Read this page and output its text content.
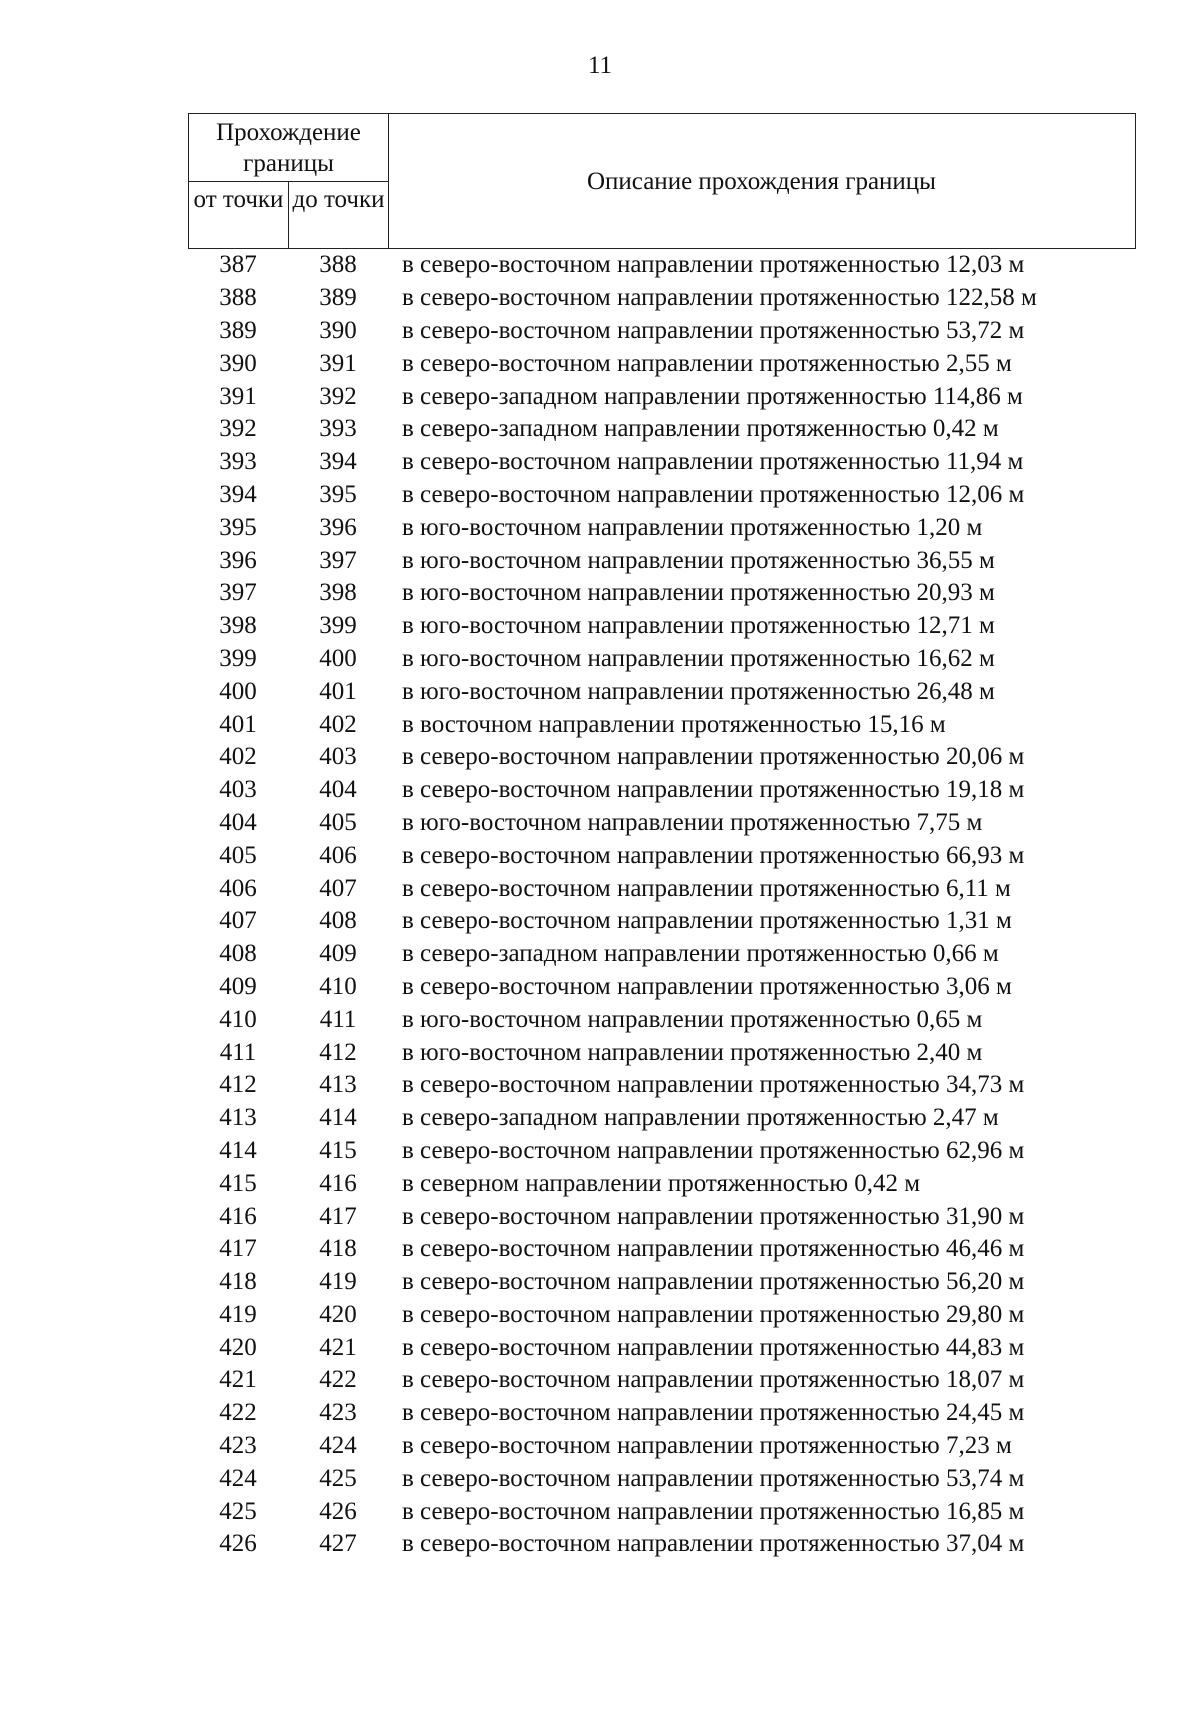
11
Прохождение границы
от точки до точки
Описание прохождения границы
387	388	в северо-восточном направлении протяженностью 12,03 м
388	389	в северо-восточном направлении протяженностью 122,58 м
389	390	в северо-восточном направлении протяженностью 53,72 м
390	391	в северо-восточном направлении протяженностью 2,55 м
391	392	в северо-западном направлении протяженностью 114,86 м
392	393	в северо-западном направлении протяженностью 0,42 м
393	394	в северо-восточном направлении протяженностью 11,94 м
394	395	в северо-восточном направлении протяженностью 12,06 м
395	396	в юго-восточном направлении протяженностью 1,20 м
396	397	в юго-восточном направлении протяженностью 36,55 м
397	398	в юго-восточном направлении протяженностью 20,93 м
398	399	в юго-восточном направлении протяженностью 12,71 м
399	400	в юго-восточном направлении протяженностью 16,62 м
400	401	в юго-восточном направлении протяженностью 26,48 м
401	402	в восточном направлении протяженностью 15,16 м
402	403	в северо-восточном направлении протяженностью 20,06 м
403	404	в северо-восточном направлении протяженностью 19,18 м
404	405	в юго-восточном направлении протяженностью 7,75 м
405	406	в северо-восточном направлении протяженностью 66,93 м
406	407	в северо-восточном направлении протяженностью 6,11 м
407	408	в северо-восточном направлении протяженностью 1,31 м
408	409	в северо-западном направлении протяженностью 0,66 м
409	410	в северо-восточном направлении протяженностью 3,06 м
410	411	в юго-восточном направлении протяженностью 0,65 м
411	412	в юго-восточном направлении протяженностью 2,40 м
412	413	в северо-восточном направлении протяженностью 34,73 м
413	414	в северо-западном направлении протяженностью 2,47 м
414	415	в северо-восточном направлении протяженностью 62,96 м
415	416	в северном направлении протяженностью 0,42 м
416	417	в северо-восточном направлении протяженностью 31,90 м
417	418	в северо-восточном направлении протяженностью 46,46 м
418	419	в северо-восточном направлении протяженностью 56,20 м
419	420	в северо-восточном направлении протяженностью 29,80 м
420	421	в северо-восточном направлении протяженностью 44,83 м
421	422	в северо-восточном направлении протяженностью 18,07 м
422	423	в северо-восточном направлении протяженностью 24,45 м
423	424	в северо-восточном направлении протяженностью 7,23 м
424	425	в северо-восточном направлении протяженностью 53,74 м
425	426	в северо-восточном направлении протяженностью 16,85 м
426	427	в северо-восточном направлении протяженностью 37,04 м
